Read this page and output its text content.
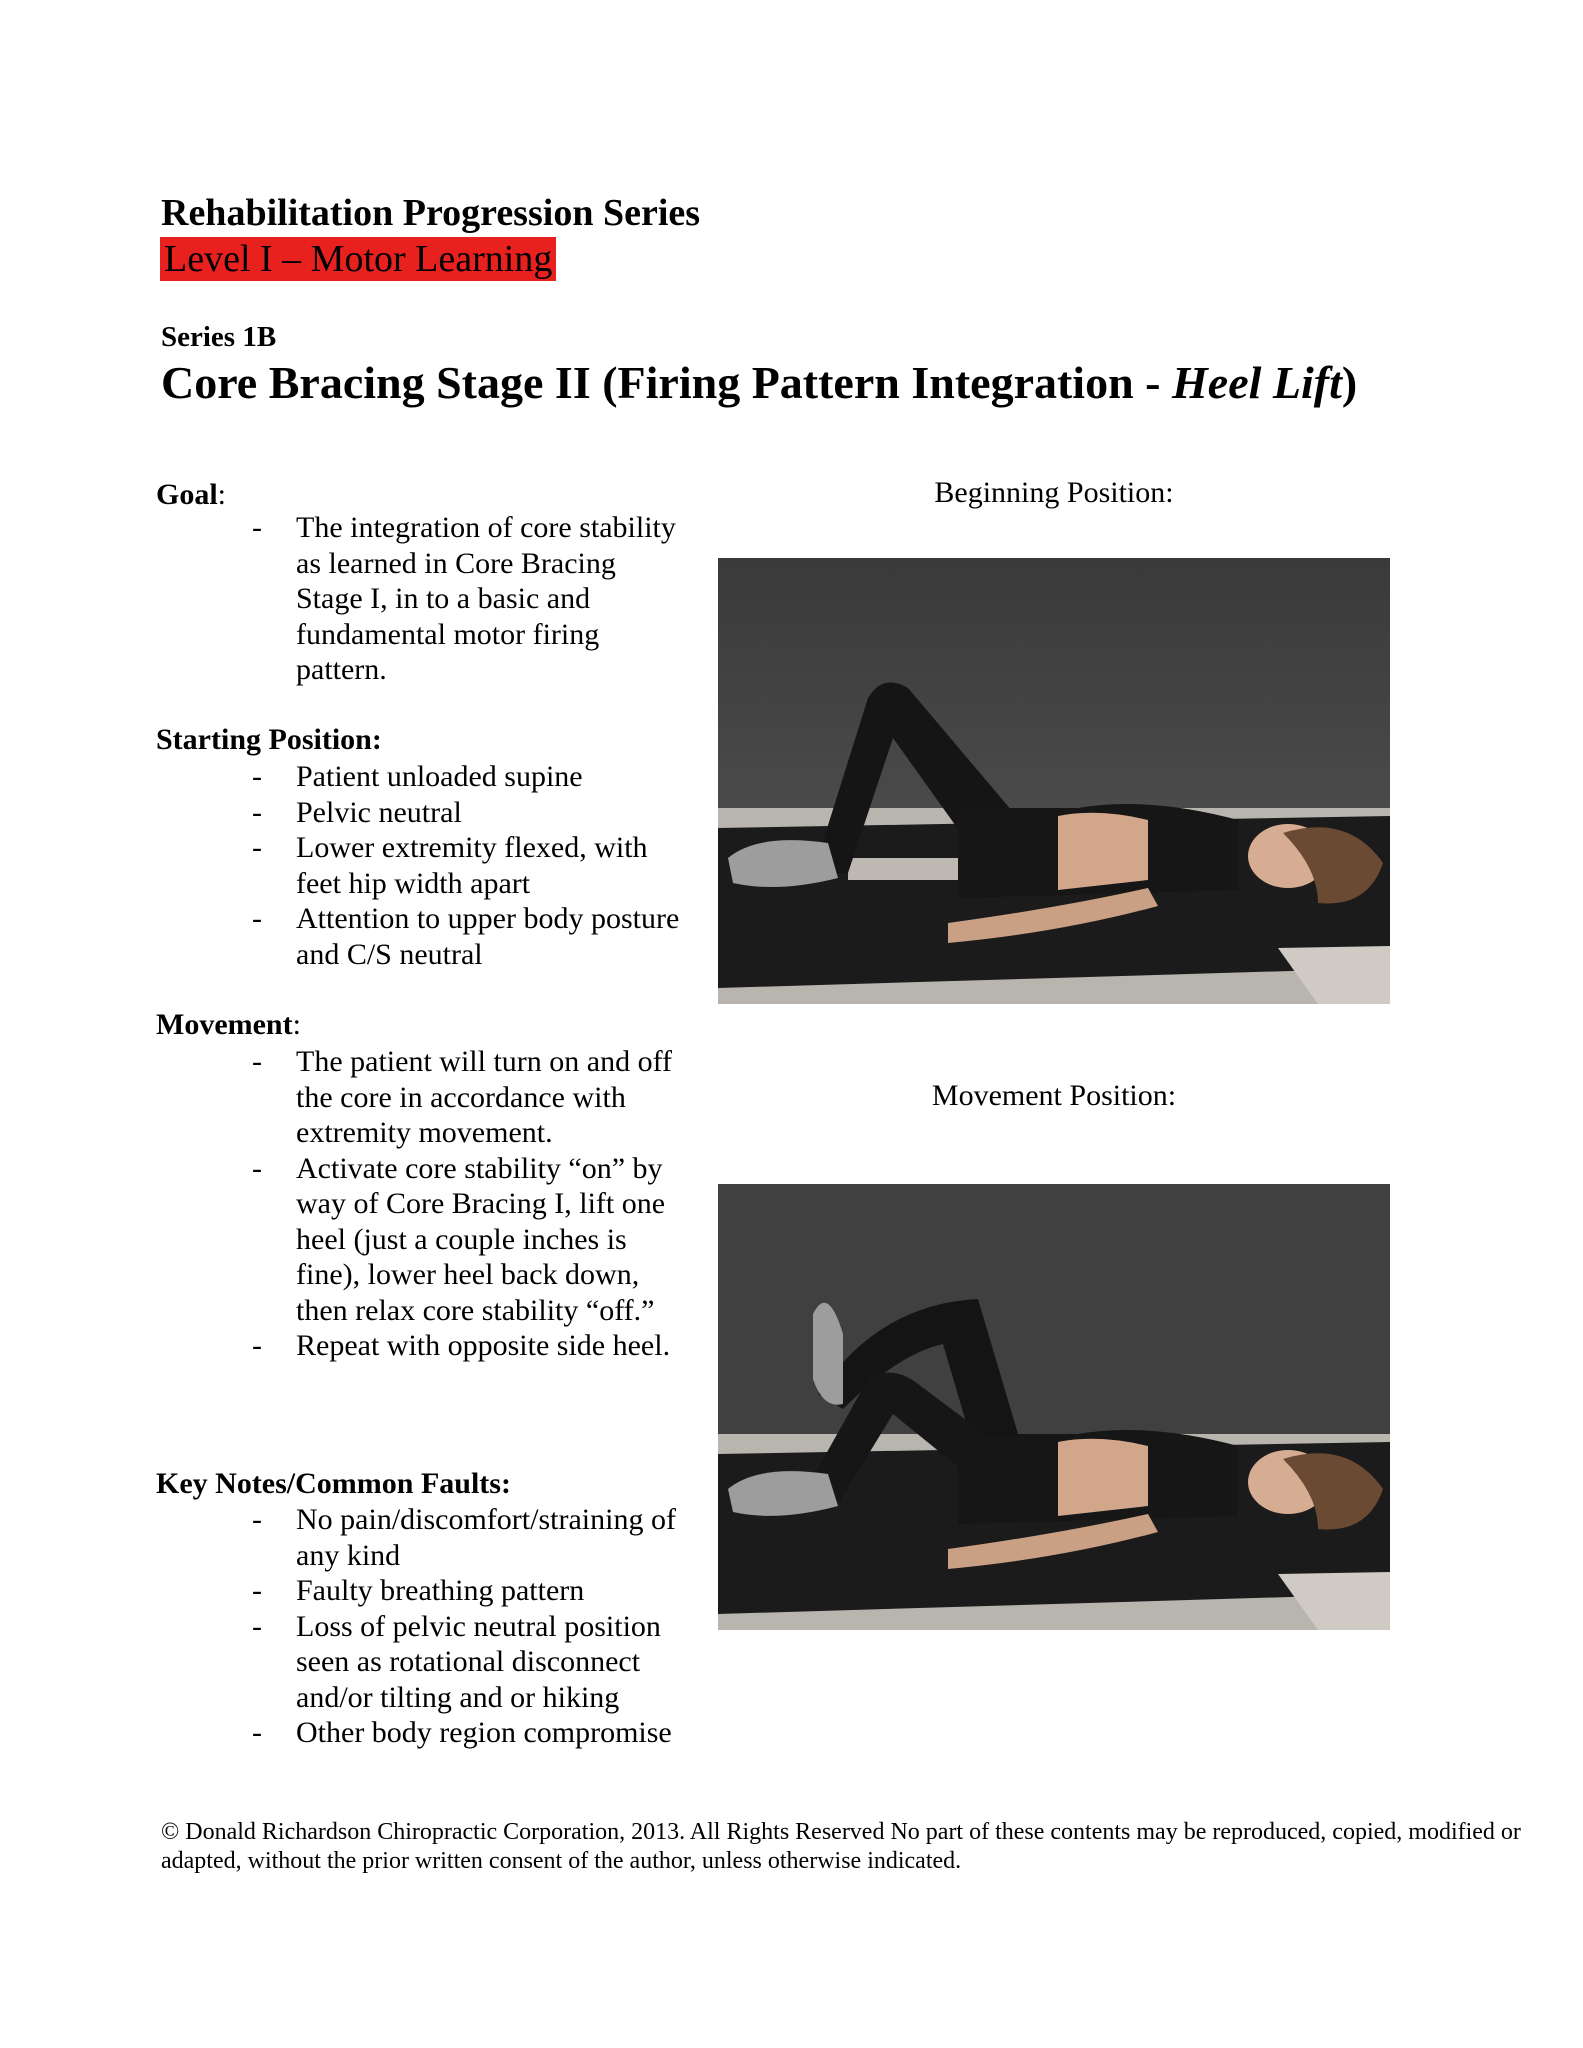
Rehabilitation Progression Series
Level I – Motor Learning
Series 1B
Core Bracing Stage II (Firing Pattern Integration - Heel Lift)
Goal:
- The integration of core stability as learned in Core Bracing Stage I, in to a basic and fundamental motor firing pattern.
Starting Position:
- Patient unloaded supine
- Pelvic neutral
- Lower extremity flexed, with feet hip width apart
- Attention to upper body posture and C/S neutral
Movement:
- The patient will turn on and off the core in accordance with extremity movement.
- Activate core stability “on” by way of Core Bracing I, lift one heel (just a couple inches is fine), lower heel back down, then relax core stability “off.”
- Repeat with opposite side heel.
Key Notes/Common Faults:
- No pain/discomfort/straining of any kind
- Faulty breathing pattern
- Loss of pelvic neutral position seen as rotational disconnect and/or tilting and or hiking
- Other body region compromise
Beginning Position:
Movement Position:
© Donald Richardson Chiropractic Corporation, 2013. All Rights Reserved No part of these contents may be reproduced, copied, modified or adapted, without the prior written consent of the author, unless otherwise indicated.
